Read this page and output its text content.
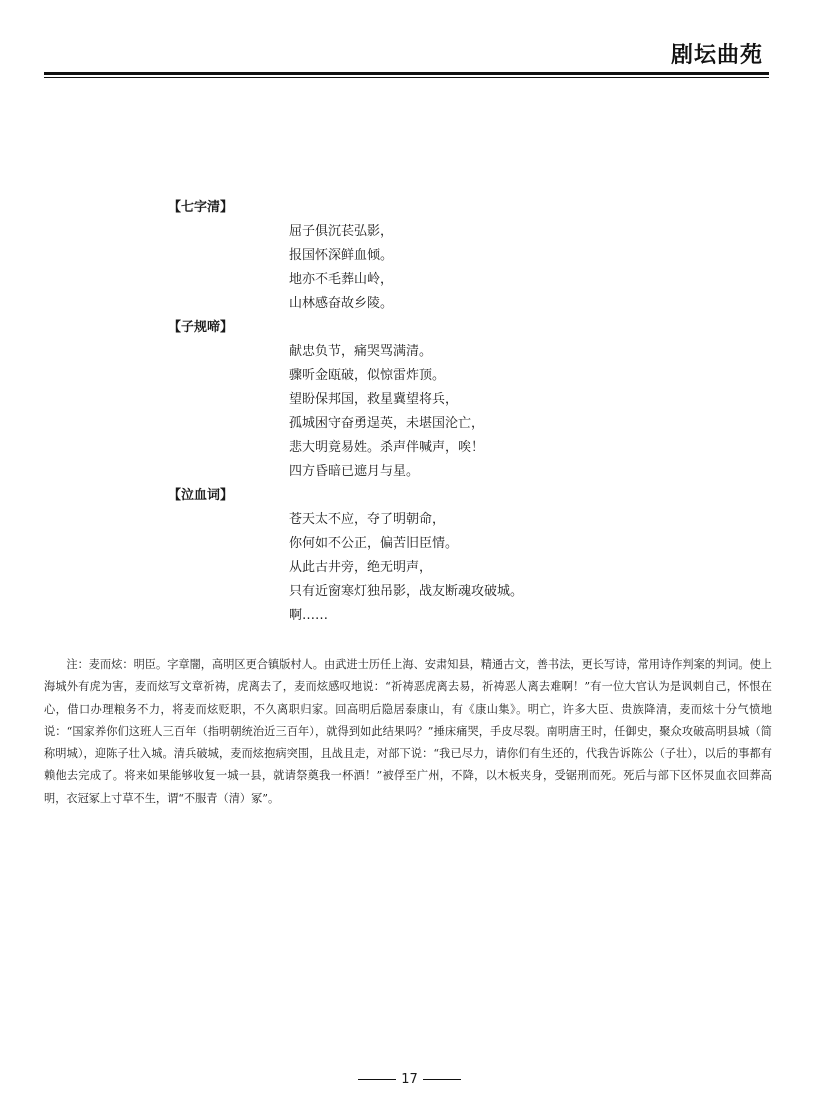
剧坛曲苑
【七字清】
屈子俱沉苌弘影，
报国怀深鲜血倾。
地亦不毛葬山岭，
山林感奋故乡陵。
【子规啼】
献忠负节，痛哭骂满清。
骤听金瓯破，似惊雷炸顶。
望盼保邦国，救星冀望将兵，
孤城困守奋勇逞英，未堪国沦亡，
悲大明竟易姓。杀声伴喊声，唉！
四方昏暗已遮月与星。
【泣血词】
苍天太不应，夺了明朝命，
你何如不公正，偏苦旧臣情。
从此古井旁，绝无明声，
只有近窗寒灯独吊影，战友断魂攻破城。
啊……

注：麦而炫：明臣。字章闇，高明区更合镇版村人。由武进士历任上海、安肃知县，精通古文，善书法，更长写诗，常用诗作判案的判词。使上海城外有虎为害，麦而炫写文章祈祷，虎离去了，麦而炫感叹地说：“祈祷恶虎离去易，祈祷恶人离去难啊！”有一位大官认为是讽刺自己，怀恨在心，借口办理粮务不力，将麦而炫贬职，不久离职归家。回高明后隐居泰康山，有《康山集》。明亡，许多大臣、贵族降清，麦而炫十分气愤地说：“国家养你们这班人三百年（指明朝统治近三百年），就得到如此结果吗？”捶床痛哭，手皮尽裂。南明唐王时，任御史，聚众攻破高明县城（简称明城），迎陈子壮入城。清兵破城，麦而炫抱病突围，且战且走，对部下说：“我已尽力，请你们有生还的，代我告诉陈公（子壮），以后的事都有赖他去完成了。将来如果能够收复一城一县，就请祭奠我一杯酒！”被俘至广州，不降，以木板夹身，受锯刑而死。死后与部下区怀炅血衣回葬高明，衣冠冢上寸草不生，谓“不服青（清）冢”。

17
